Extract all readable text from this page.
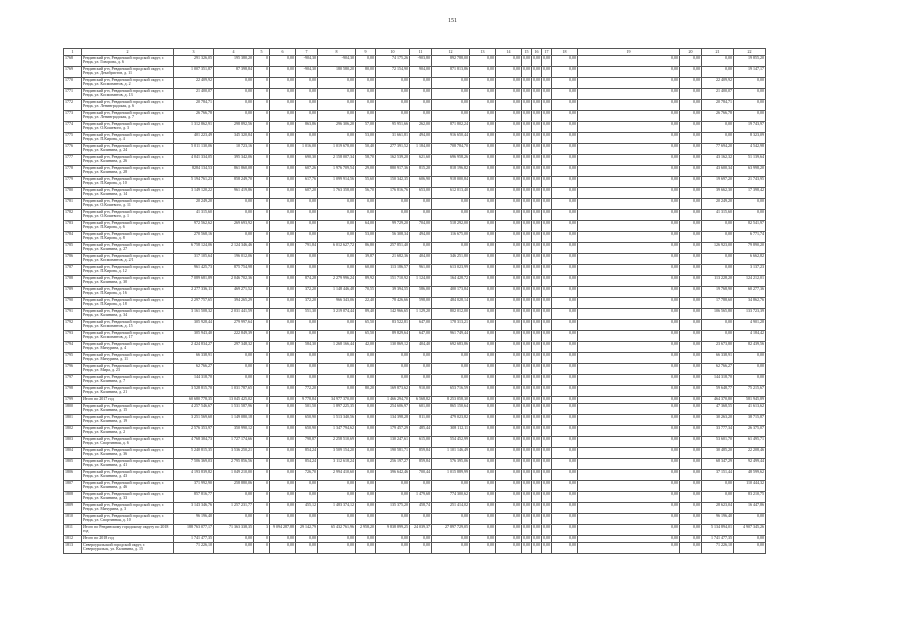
151
1	2	3	4	5	6	7	8	9	10	11	12	13	14	15	16	17	18	19	20	21	22
1768	Ревдинский р-н, Ревдинский городской округ, г. Ревда, ул. Говорова, д. 6	291 326,05	195 380,20	0	0,00	-904,30	-904,30	0,00	74 175,26	-903,80	892 788,00	0,00	0,00	0,00	0,00	0,00	0,00	0,00	0,00	0,00	19 855,20
1769	Ревдинский р-н, Ревдинский городской округ, г. Ревда, ул. Декабристов, д. 11	1 007 351,87	87 398,84	0	0,00	-904,30	180 580,20	80,00	72 154,90	904,00	871 813,86	0,00	0,00	0,00	0,00	0,00	0,00	0,00	0,00	0,00	19 147,17
1770	Ревдинский р-н, Ревдинский городской округ, г. Ревда, ул. Космонавтов, д. 2	22 409,92	0,00	0	0,00	0,00	0,00	0,00	0,00	0,00	0,00	0,00	0,00	0,00	0,00	0,00	0,00	0,00	0,00	22 409,92	0,00
1771	Ревдинский р-н, Ревдинский городской округ, г. Ревда, ул. Космонавтов, д. 13	21 400,07	0,00	0	0,00	0,00	0,00	0,00	0,00	0,00	0,00	0,00	0,00	0,00	0,00	0,00	0,00	0,00	0,00	21 400,07	0,00
1772	Ревдинский р-н, Ревдинский городской округ, г. Ревда, ул. Ленинградская, д. 6	20 784,71	0,00	0	0,00	0,00	0,00	0,00	0,00	0,00	0,00	0,00	0,00	0,00	0,00	0,00	0,00	0,00	0,00	20 784,71	0,00
1773	Ревдинский р-н, Ревдинский городской округ, г. Ревда, ул. Ленинградская, д. 7	26 766,78	0,00	0	0,00	0,00	0,00	0,00	0,00	0,00	0,00	0,00	0,00	0,00	0,00	0,00	0,00	0,00	0,00	26 766,78	0,00
1774	Ревдинский р-н, Ревдинский городской округ, г. Ревда, ул. О.Кошевого, д. 3	1 312 862,91	298 892,56	0	0,00	863,86	296 306,20	57,00	95 951,66	262,00	871 802,24	0,00	0,00	0,00	0,00	0,00	0,00	0,00	0,00	0,00	19 743,97
1775	Ревдинский р-н, Ревдинский городской округ, г. Ревда, ул. П.Кирова, д. 4	401 223,49	345 320,84	0	0,00	0,00	0,00	53,00	31 661,81	494,00	916 650,44	0,00	0,00	0,00	0,00	0,00	0,00	0,00	0,00	0,00	8 323,09
1776	Ревдинский р-н, Ревдинский городской округ, г. Ревда, ул. Калинина, д. 24	5 011 130,06	10 723,16	0	0,00	1 016,00	1 019 678,00	50,40	277 391,52	1 184,00	708 784,70	0,00	0,00	0,00	0,00	0,00	0,00	0,00	0,00	77 694,20	4 542,98
1777	Ревдинский р-н, Ревдинский городской округ, г. Ревда, ул. Калинина, д. 26	4 041 334,05	395 342,06	0	0,00	690,30	2 158 007,34	58,70	162 539,20	621,60	696 958,26	0,00	0,00	0,00	0,00	0,00	0,00	0,00	0,00	43 162,32	51 139,64
1778	Ревдинский р-н, Ревдинский городской округ, г. Ревда, ул. Калинина, д. 28	8284 134,53	861 860,08	0	0,00	607,26	1 976 709,54	29,00	880 917,36	815,20	818 196,82	0,00	0,00	0,00	0,00	0,00	0,00	0,00	0,00	43 600,34	63 998,20
1779	Ревдинский р-н, Ревдинский городской округ, г. Ревда, ул. П.Кирова, д. 10	5 194 761,23	858 249,70	0	0,00	617,76	1 099 914,56	55,60	150 342,35	606,90	918 000,84	0,00	0,00	0,00	0,00	0,00	0,00	0,00	0,00	19 697,20	21 743,95
1780	Ревдинский р-н, Ревдинский городской округ, г. Ревда, ул. Калинина, д. 14	3 149 120,22	961 419,86	0	0,00	607,20	1 763 358,08	56,70	176 816,76	653,00	612 013,40	0,00	0,00	0,00	0,00	0,00	0,00	0,00	0,00	39 662,30	17 398,42
1781	Ревдинский р-н, Ревдинский городской округ, г. Ревда, ул. О.Кошевого, д. 11	20 249,20	0,00	0	0,00	0,00	0,00	0,00	0,00	0,00	0,00	0,00	0,00	0,00	0,00	0,00	0,00	0,00	0,00	20 249,20	0,00
1782	Ревдинский р-н, Ревдинский городской округ, г. Ревда, ул. О.Кошевого, д. 1	41 315,60	0,00	0	0,00	0,00	0,00	0,00	0,00	0,00	0,00	0,00	0,00	0,00	0,00	0,00	0,00	0,00	0,00	41 315,60	0,00
1783	Ревдинский р-н, Ревдинский городской округ, г. Ревда, ул. П.Кирова, д. 6	972 562,62	269 693,92	0	0,00	0,00	0,00	64,00	99 729,20	704,00	518 292,00	0,00	0,00	0,00	0,00	0,00	0,00	0,00	0,00	0,00	82 541,97
1784	Ревдинский р-н, Ревдинский городской округ, г. Ревда, ул. П.Кирова, д. 8	270 568,16	0,00	0	0,00	0,00	0,00	53,00	56 308,34	494,00	116 675,00	0,00	0,00	0,00	0,00	0,00	0,00	0,00	0,00	0,00	6 771,74
1785	Ревдинский р-н, Ревдинский городской округ, г. Ревда, ул. Калинина, д. 27	6 758 124,06	2 124 346,46	0	0,00	791,84	6 012 627,72	86,80	257 851,40	0,00	0,00	0,00	0,00	0,00	0,00	0,00	0,00	0,00	0,00	126 923,00	79 890,20
1786	Ревдинский р-н, Ревдинский городской округ, г. Ревда, ул. Космонавтов, д. 2/1	317 105,64	196 012,06	0	0,00	0,00	0,00	39,87	21 682,36	404,00	346 251,80	0,00	0,00	0,00	0,00	0,00	0,00	0,00	0,00	0,00	6 662,82
1787	Ревдинский р-н, Ревдинский городской округ, г. Ревда, ул. П.Кирова, д. 12	961 425,73	875 754,98	0	0,00	0,00	0,00	60,00	113 186,57	961,00	613 023,99	0,00	0,00	0,00	0,00	0,00	0,00	0,00	0,00	0,00	3 137,23
1788	Ревдинский р-н, Ревдинский городской округ, г. Ревда, ул. Калинина, д. 30	7 089 681,89	2 046 702,36	0	0,00	874,28	2 279 996,24	89,92	151 710,92	1 124,00	164 428,72	0,00	0,00	0,00	0,00	0,00	0,00	0,00	0,00	113 228,20	124 212,01
1789	Ревдинский р-н, Ревдинский городской округ, г. Ревда, ул. П.Кирова, д. 16	2 277 336,11	469 271,52	0	0,00	372,20	1 148 446,48	70,55	39 394,55	586,00	400 173,84	0,00	0,00	0,00	0,00	0,00	0,00	0,00	0,00	19 768,90	60 277,36
1790	Ревдинский р-н, Ревдинский городской округ, г. Ревда, ул. П.Кирова, д. 18	2 297 757,65	394 265,29	0	0,00	372,20	966 343,06	22,40	78 426,66	598,00	484 028,14	0,00	0,00	0,00	0,00	0,00	0,00	0,00	0,00	17 788,60	34 862,76
1791	Ревдинский р-н, Ревдинский городской округ, г. Ревда, ул. Калинина, д. 34	3 161 508,32	2 031 441,59	0	0,00	551,30	3 219 074,44	89,40	142 966,65	1 129,20	802 012,00	0,00	0,00	0,00	0,00	0,00	0,00	0,00	0,00	106 565,80	133 723,39
1792	Ревдинский р-н, Ревдинский городской округ, г. Ревда, ул. Космонавтов, д. 15	305 928,44	279 997,64	0	0,00	0,00	0,00	65,50	83 522,81	647,00	178 313,21	0,00	0,00	0,00	0,00	0,00	0,00	0,00	0,00	0,00	4 901,28
1793	Ревдинский р-н, Ревдинский городской округ, г. Ревда, ул. Космонавтов, д. 17	305 943,40	222 849,39	0	0,00	0,00	0,00	65,50	89 829,64	647,00	961 749,44	0,00	0,00	0,00	0,00	0,00	0,00	0,00	0,00	0,00	4 184,42
1794	Ревдинский р-н, Ревдинский городской округ, г. Ревда, ул. Мичурина, д. 4	2 424 834,27	297 348,32	0	0,00	584,30	1 268 166,44	42,00	130 869,12	404,40	692 683,86	0,00	0,00	0,00	0,00	0,00	0,00	0,00	0,00	23 673,80	82 439,56
1795	Ревдинский р-н, Ревдинский городской округ, г. Ревда, ул. Мичурина, д. 11	66 338,91	0,00	0	0,00	0,00	0,00	0,00	0,00	0,00	0,00	0,00	0,00	0,00	0,00	0,00	0,00	0,00	0,00	66 338,91	0,00
1796	Ревдинский р-н, Ревдинский городской округ, г. Ревда, ул. Мира, д. 23	62 766,27	0,00	0	0,00	0,00	0,00	0,00	0,00	0,00	0,00	0,00	0,00	0,00	0,00	0,00	0,00	0,00	0,00	62 766,27	0,00
1797	Ревдинский р-н, Ревдинский городской округ, г. Ревда, ул. Калинина, д. 7	144 318,70	0,00	0	0,00	0,00	0,00	0,00	0,00	0,00	0,00	0,00	0,00	0,00	0,00	0,00	0,00	0,00	0,00	144 318,70	0,00
1798	Ревдинский р-н, Ревдинский городской округ, г. Ревда, ул. Калинина, д. 21	3 528 815,70	1 031 787,65	0	0,00	772,20	0,00	80,20	169 873,62	910,00	653 716,59	0,00	0,00	0,00	0,00	0,00	0,00	0,00	0,00	59 648,77	75 215,67
1799	Итого по 2017 год	60 680 778,35	13 045 425,02	0	0,00	9 778,84	34 977 370,00	0,00	1 466 294,70	6 568,82	8 253 058,30	0,00	0,00	0,00	0,00	0,00	0,00	0,00	0,00	464 370,80	581 945,89
1800	Ревдинский р-н, Ревдинский городской округ, г. Ревда, ул. Калинина, д. 15	4 257 546,67	1 531 587,96	0	0,00	501,50	1 897 225,35	0,00	254 606,97	601,00	865 150,64	0,00	0,00	0,00	0,00	0,00	0,00	0,00	0,00	47 368,55	41 613,62
1801	Ревдинский р-н, Ревдинский городской округ, г. Ревда, ул. Калинина, д. 19	3 251 569,60	1 149 080,18	0	0,00	650,90	1 513 340,56	0,00	134 398,28	811,00	479 023,82	0,00	0,00	0,00	0,00	0,00	0,00	0,00	0,00	30 263,20	38 715,87
1802	Ревдинский р-н, Ревдинский городской округ, г. Ревда, ул. Калинина, д. 2	2 576 353,97	350 990,12	0	0,00	650,90	1 347 794,62	0,00	179 457,29	485,44	308 112,11	0,00	0,00	0,00	0,00	0,00	0,00	0,00	0,00	33 777,34	26 375,07
1803	Ревдинский р-н, Ревдинский городской округ, г. Ревда, ул. Спортивная, д. 6	4 768 304,73	1 727 174,66	0	0,00	798,87	2 258 510,69	0,00	130 247,61	615,00	554 452,99	0,00	0,00	0,00	0,00	0,00	0,00	0,00	0,00	53 601,70	61 495,71
1804	Ревдинский р-н, Ревдинский городской округ, г. Ревда, ул. Калинина, д. 36	5 240 815,35	3 536 250,21	0	0,00	854,24	3 509 154,20	0,00	190 581,71	859,84	1 101 146,49	0,00	0,00	0,00	0,00	0,00	0,00	0,00	0,00	30 485,20	22 208,46
1805	Ревдинский р-н, Ревдинский городской округ, г. Ревда, ул. Калинина, д. 41	7 506 369,03	2 795 856,56	0	0,00	854,24	3 112 618,24	0,00	256 197,27	859,84	576 395,06	0,00	0,00	0,00	0,00	0,00	0,00	0,00	0,00	68 347,29	92 499,44
1806	Ревдинский р-н, Ревдинский городской округ, г. Ревда, ул. Калинина, д. 43	4 193 839,82	1 049 210,00	0	0,00	726,70	2 994 410,60	0,00	396 642,46	700,44	1 015 889,99	0,00	0,00	0,00	0,00	0,00	0,00	0,00	0,00	37 151,44	48 599,62
1807	Ревдинский р-н, Ревдинский городской округ, г. Ревда, ул. Калинина, д. 46	371 992,90	258 880,06	0	0,00	0,00	0,00	0,00	0,00	0,00	0,00	0,00	0,00	0,00	0,00	0,00	0,00	0,00	0,00	0,00	110 444,32
1808	Ревдинский р-н, Ревдинский городской округ, г. Ревда, ул. Калинина, д. 33	857 816,77	0,00	0	0,00	0,00	0,00	0,00	0,00	1 479,68	774 300,62	0,00	0,00	0,00	0,00	0,00	0,00	0,00	0,00	0,00	83 210,75
1809	Ревдинский р-н, Ревдинский городской округ, г. Ревда, ул. Мичурина, д. 3	3 143 346,76	1 257 231,77	0	0,00	455,12	1 483 374,12	0,00	135 375,20	458,74	251 414,02	0,00	0,00	0,00	0,00	0,00	0,00	0,00	0,00	28 623,04	16 447,86
1810	Ревдинский р-н, Ревдинский городской округ, г. Ревда, ул. Спортивная, д. 10	96 196,40	0,00	0	0,00	0,00	0,00	0,00	0,00	0,00	0,00	0,00	0,00	0,00	0,00	0,00	0,00	0,00	0,00	96 196,40	0,00
1811	Итого по Ревдинскому городскому округу по 2018 год	188 763 077,17	71 363 338,35	3	9 094 287,88	29 142,79	65 432 761,96	2 958,20	9 838 899,25	24 039,37	27 897 729,05	0,00	0,00	0,00	0,00	0,00	0,00	0,00	0,00	5 134 894,01	4 907 345,26
1812	Итого по 2018 год	1 741 477,35	0,00	0	0,00	0,00	0,00	0,00	0,00	0,00	0,00	0,00	0,00	0,00	0,00	0,00	0,00	0,00	0,00	1 741 477,35	0,00
1813	Североуральский городской округ, г. Североуральск, ул. Калинина, д. 15	71 226,10	0,00	0	0,00	0,00	0,00	0,00	0,00	0,00	0,00	0,00	0,00	0,00	0,00	0,00	0,00	0,00	0,00	71 226,10	0,00
